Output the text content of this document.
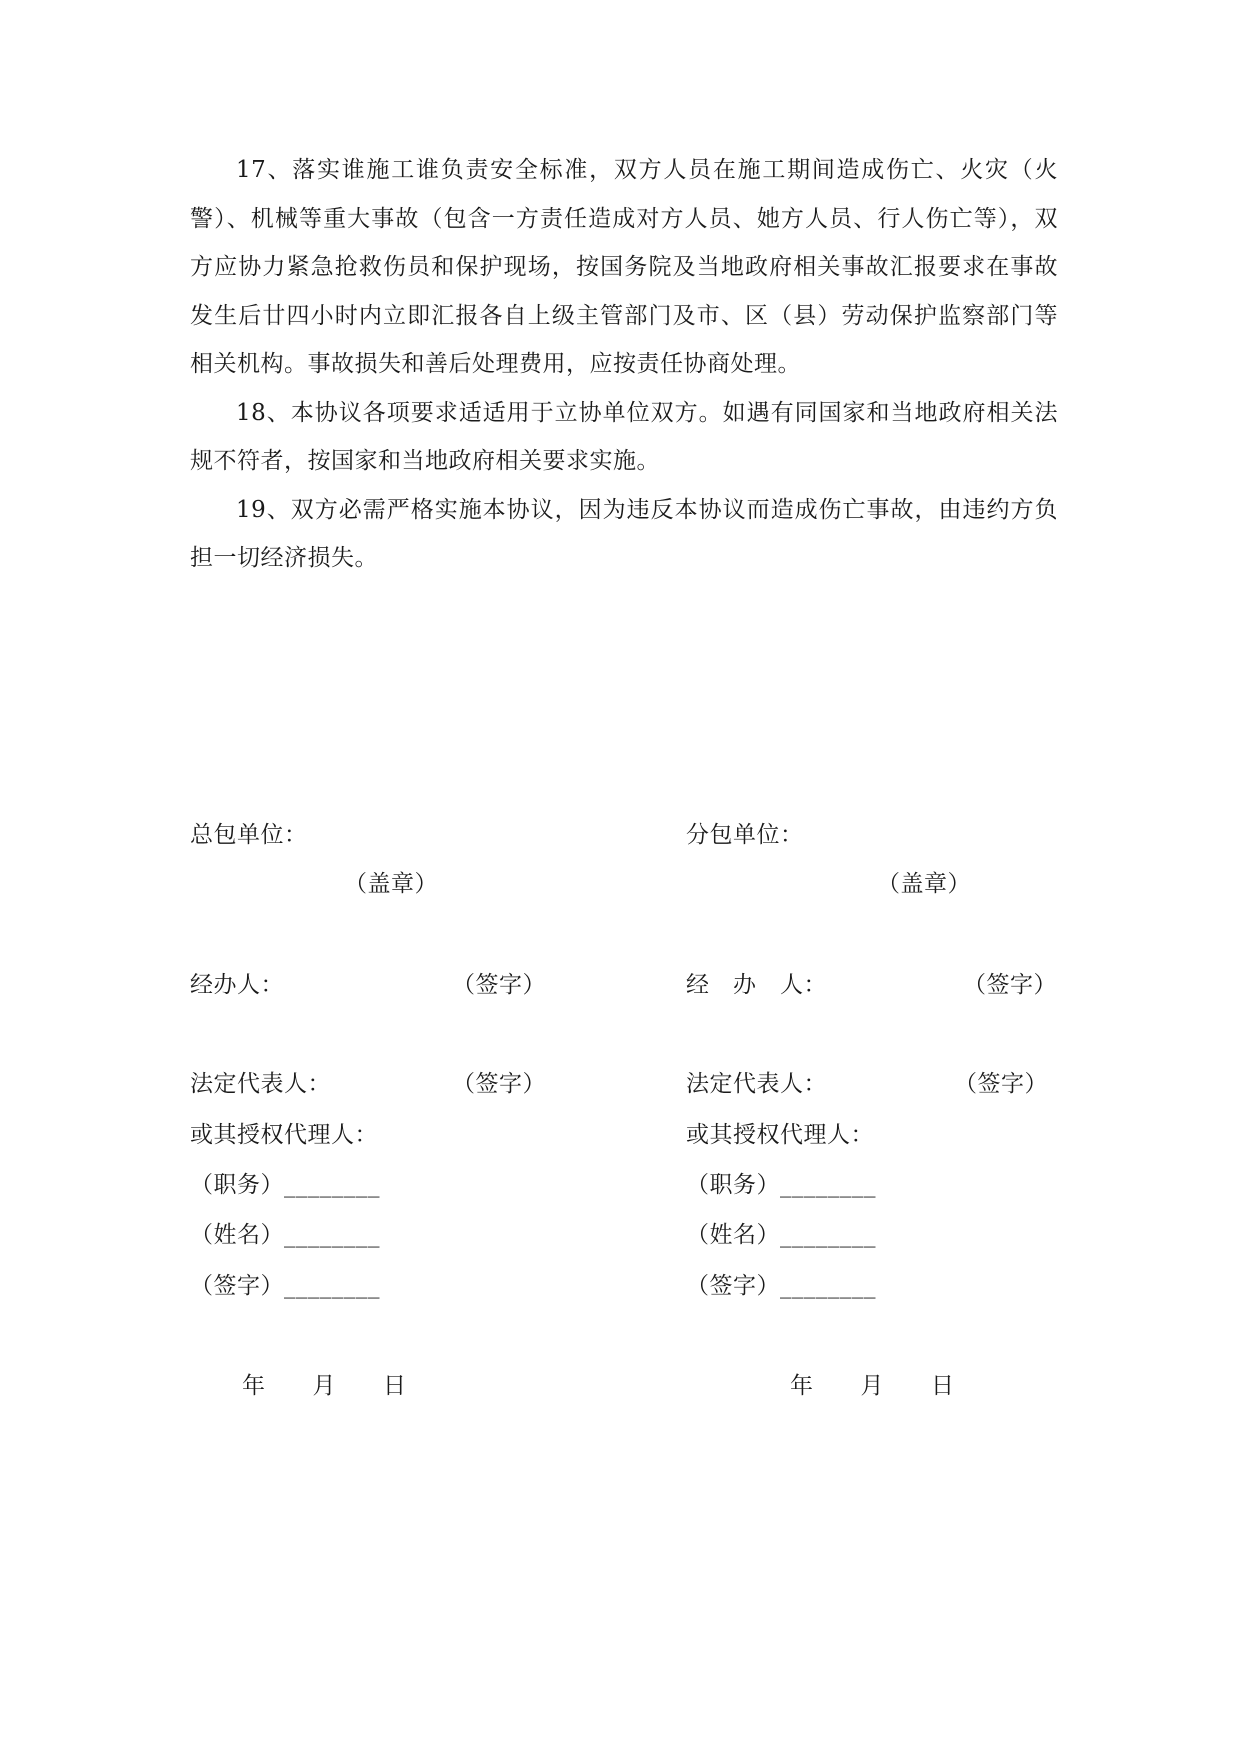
17、落实谁施工谁负责安全标准，双方人员在施工期间造成伤亡、火灾（火警）、机械等重大事故（包含一方责任造成对方人员、她方人员、行人伤亡等），双方应协力紧急抢救伤员和保护现场，按国务院及当地政府相关事故汇报要求在事故发生后廿四小时内立即汇报各自上级主管部门及市、区（县）劳动保护监察部门等相关机构。事故损失和善后处理费用，应按责任协商处理。

18、本协议各项要求适适用于立协单位双方。如遇有同国家和当地政府相关法规不符者，按国家和当地政府相关要求实施。

19、双方必需严格实施本协议，因为违反本协议而造成伤亡事故，由违约方负担一切经济损失。

总包单位：
（盖章）
经办人：	（签字）
法定代表人：	（签字）
或其授权代理人：
（职务）________
（姓名）________
（签字）________
年　　月　　日
分包单位：
（盖章）
经　办　人：	（签字）
法定代表人：	（签字）
或其授权代理人：
（职务）________
（姓名）________
（签字）________
年　　月　　日
